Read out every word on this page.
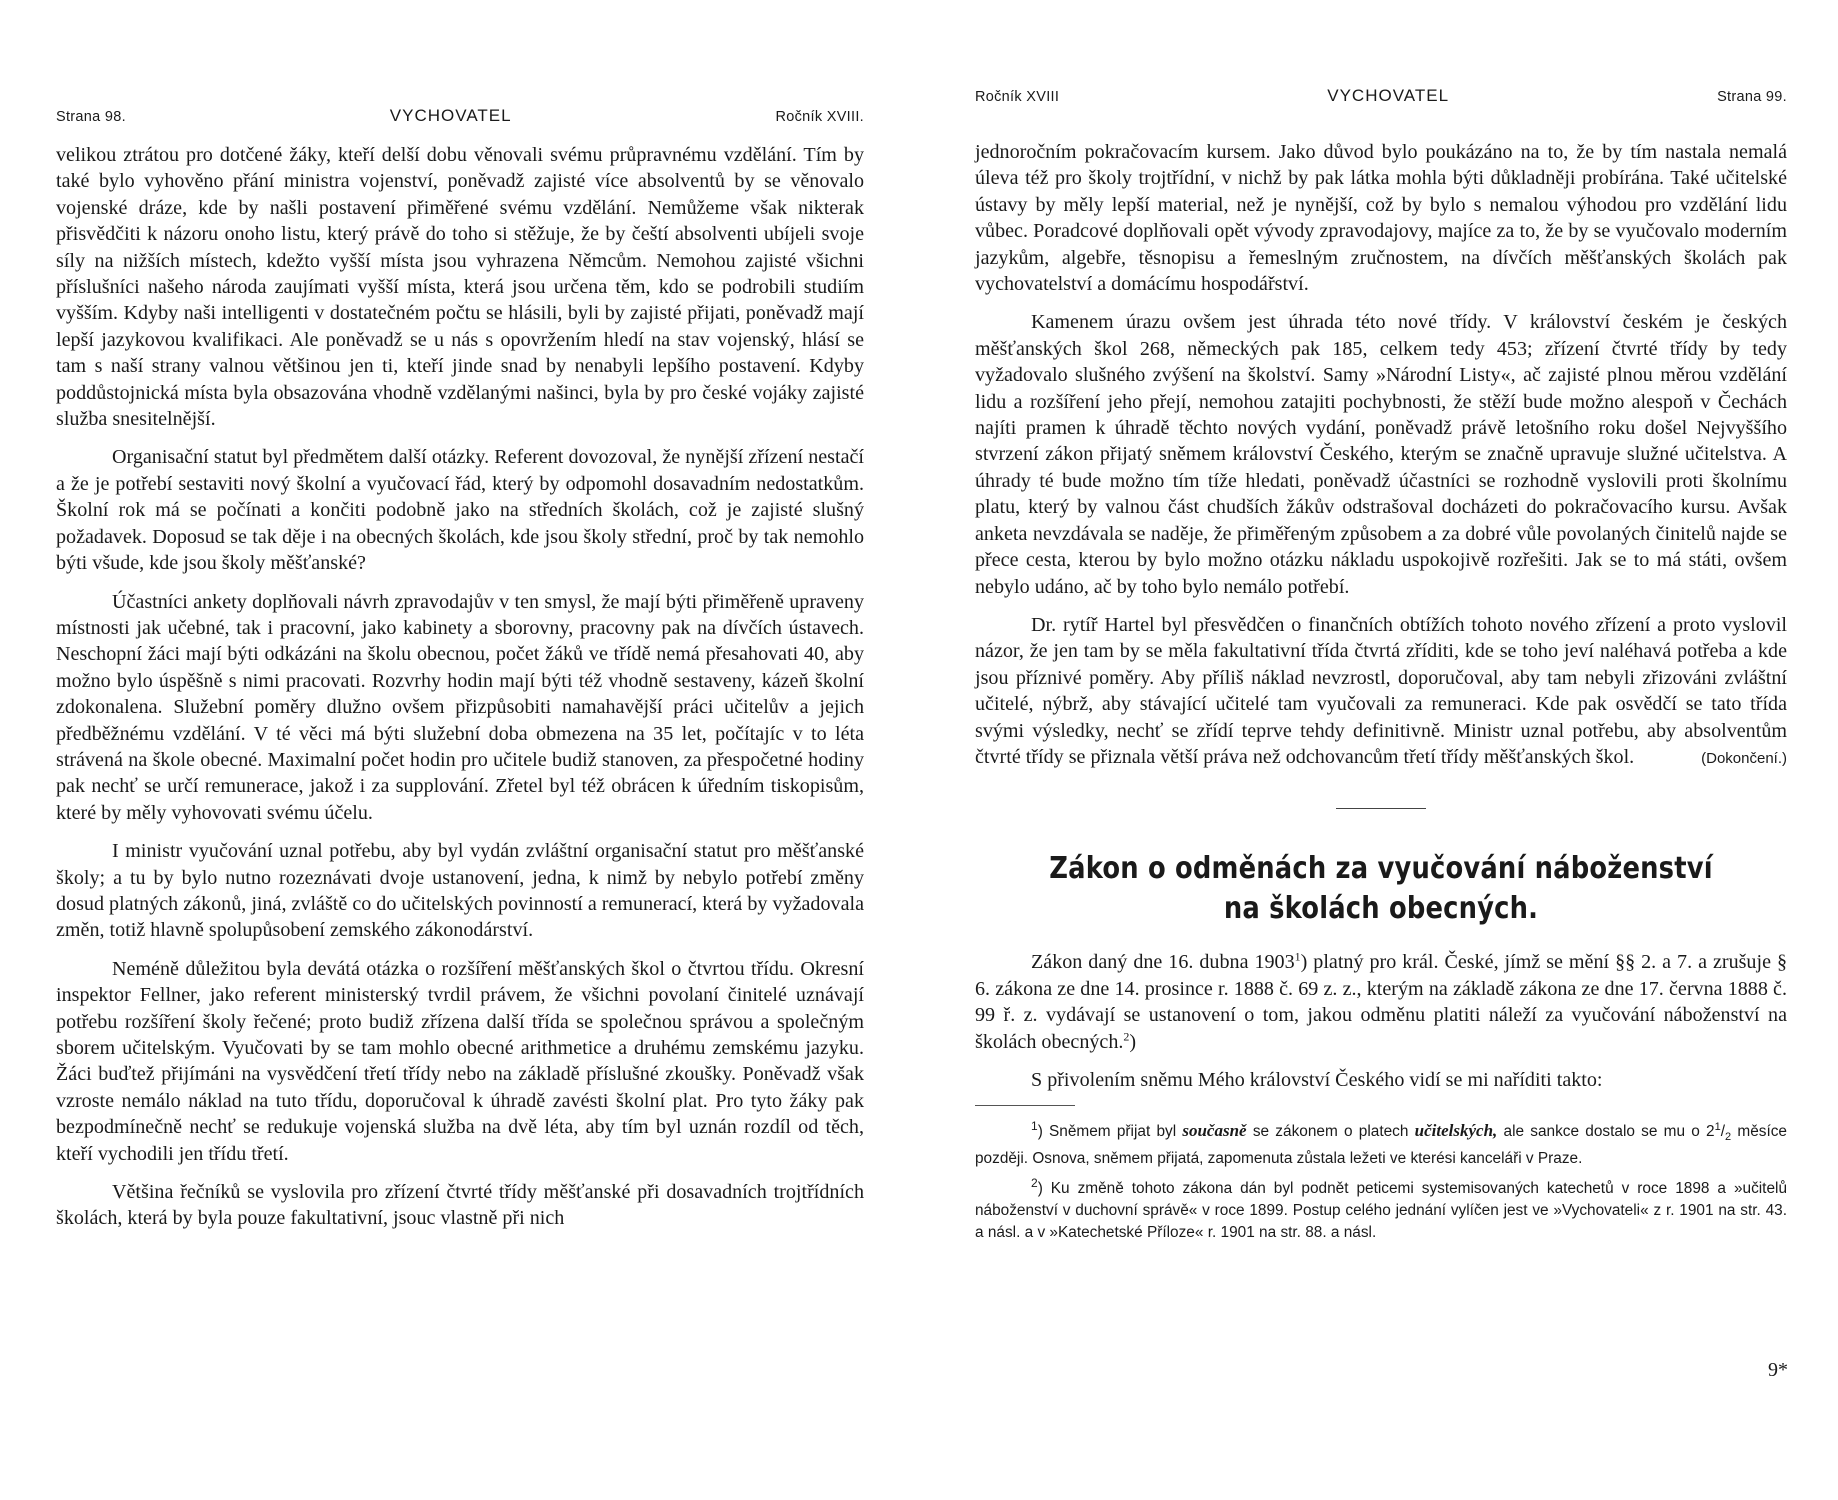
Strana 98.	VYCHOVATEL	Ročník XVIII.

velikou ztrátou pro dotčené žáky, kteří delší dobu věnovali svému průpravnému vzdělání. Tím by také bylo vyhověno přání ministra vojenství, poněvadž zajisté více absolventů by se věnovalo vojenské dráze, kde by našli postavení přiměřené svému vzdělání. Nemůžeme však nikterak přisvědčiti k názoru onoho listu, který právě do toho si stěžuje, že by čeští absolventi ubíjeli svoje síly na nižších místech, kdežto vyšší místa jsou vyhrazena Němcům. Nemohou zajisté všichni příslušníci našeho národa zaujímati vyšší místa, která jsou určena těm, kdo se podrobili studiím vyšším. Kdyby naši intelligenti v dostatečném počtu se hlásili, byli by zajisté přijati, poněvadž mají lepší jazykovou kvalifikaci. Ale poněvadž se u nás s opovržením hledí na stav vojenský, hlásí se tam s naší strany valnou většinou jen ti, kteří jinde snad by nenabyli lepšího postavení. Kdyby poddůstojnická místa byla obsazována vhodně vzdělanými našinci, byla by pro české vojáky zajisté služba snesitelnější.

Organisační statut byl předmětem další otázky. Referent dovozoval, že nynější zřízení nestačí a že je potřebí sestaviti nový školní a vyučovací řád, který by odpomohl dosavadním nedostatkům. Školní rok má se počínati a končiti podobně jako na středních školách, což je zajisté slušný požadavek. Doposud se tak děje i na obecných školách, kde jsou školy střední, proč by tak nemohlo býti všude, kde jsou školy měšťanské?

Účastníci ankety doplňovali návrh zpravodajův v ten smysl, že mají býti přiměřeně upraveny místnosti jak učebné, tak i pracovní, jako kabinety a sborovny, pracovny pak na dívčích ústavech. Neschopní žáci mají býti odkázáni na školu obecnou, počet žáků ve třídě nemá přesahovati 40, aby možno bylo úspěšně s nimi pracovati. Rozvrhy hodin mají býti též vhodně sestaveny, kázeň školní zdokonalena. Služební poměry dlužno ovšem přizpůsobiti namahavější práci učitelův a jejich předběžnému vzdělání. V té věci má býti služební doba obmezena na 35 let, počítajíc v to léta strávená na škole obecné. Maximalní počet hodin pro učitele budiž stanoven, za přespočetné hodiny pak nechť se určí remunerace, jakož i za supplování. Zřetel byl též obrácen k úředním tiskopisům, které by měly vyhovovati svému účelu.

I ministr vyučování uznal potřebu, aby byl vydán zvláštní organisační statut pro měšťanské školy; a tu by bylo nutno rozeznávati dvoje ustanovení, jedna, k nimž by nebylo potřebí změny dosud platných zákonů, jiná, zvláště co do učitelských povinností a remunerací, která by vyžadovala změn, totiž hlavně spolupůsobení zemského zákonodárství.

Neméně důležitou byla devátá otázka o rozšíření měšťanských škol o čtvrtou třídu. Okresní inspektor Fellner, jako referent ministerský tvrdil právem, že všichni povolaní činitelé uznávají potřebu rozšíření školy řečené; proto budiž zřízena další třída se společnou správou a společným sborem učitelským. Vyučovati by se tam mohlo obecné arithmetice a druhému zemskému jazyku. Žáci buďtež přijímáni na vysvědčení třetí třídy nebo na základě příslušné zkoušky. Poněvadž však vzroste nemálo náklad na tuto třídu, doporučoval k úhradě zavésti školní plat. Pro tyto žáky pak bezpodmínečně nechť se redukuje vojenská služba na dvě léta, aby tím byl uznán rozdíl od těch, kteří vychodili jen třídu třetí.

Většina řečníků se vyslovila pro zřízení čtvrté třídy měšťanské při dosavadních trojtřídních školách, která by byla pouze fakultativní, jsouc vlastně při nich

Ročník XVIII	VYCHOVATEL	Strana 99.

jednoročním pokračovacím kursem. Jako důvod bylo poukázáno na to, že by tím nastala nemalá úleva též pro školy trojtřídní, v nichž by pak látka mohla býti důkladněji probírána. Také učitelské ústavy by měly lepší material, než je nynější, což by bylo s nemalou výhodou pro vzdělání lidu vůbec. Poradcové doplňovali opět vývody zpravodajovy, majíce za to, že by se vyučovalo moderním jazykům, algebře, těsnopisu a řemeslným zručnostem, na dívčích měšťanských školách pak vychovatelství a domácímu hospodářství.

Kamenem úrazu ovšem jest úhrada této nové třídy. V království českém je českých měšťanských škol 268, německých pak 185, celkem tedy 453; zřízení čtvrté třídy by tedy vyžadovalo slušného zvýšení na školství. Samy »Národní Listy«, ač zajisté plnou měrou vzdělání lidu a rozšíření jeho přejí, nemohou zatajiti pochybnosti, že stěží bude možno alespoň v Čechách najíti pramen k úhradě těchto nových vydání, poněvadž právě letošního roku došel Nejvyššího stvrzení zákon přijatý sněmem království Českého, kterým se značně upravuje služné učitelstva. A úhrady té bude možno tím tíže hledati, poněvadž účastníci se rozhodně vyslovili proti školnímu platu, který by valnou část chudších žákův odstrašoval docházeti do pokračovacího kursu. Avšak anketa nevzdávala se naděje, že přiměřeným způsobem a za dobré vůle povolaných činitelů najde se přece cesta, kterou by bylo možno otázku nákladu uspokojivě rozřešiti. Jak se to má státi, ovšem nebylo udáno, ač by toho bylo nemálo potřebí.

Dr. rytíř Hartel byl přesvědčen o finančních obtížích tohoto nového zřízení a proto vyslovil názor, že jen tam by se měla fakultativní třída čtvrtá zříditi, kde se toho jeví naléhavá potřeba a kde jsou příznivé poměry. Aby příliš náklad nevzrostl, doporučoval, aby tam nebyli zřizováni zvláštní učitelé, nýbrž, aby stávající učitelé tam vyučovali za remuneraci. Kde pak osvědčí se tato třída svými výsledky, nechť se zřídí teprve tehdy definitivně. Ministr uznal potřebu, aby absolventům čtvrté třídy se přiznala větší práva než odchovancům třetí třídy měšťanských škol.	(Dokončení.)

Zákon o odměnách za vyučování náboženství
na školách obecných.

Zákon daný dne 16. dubna 1903$^1$) platný pro král. České, jímž se mění §§ 2. a 7. a zrušuje § 6. zákona ze dne 14. prosince r. 1888 č. 69 z. z., kterým na základě zákona ze dne 17. června 1888 č. 99 ř. z. vydávají se ustanovení o tom, jakou odměnu platiti náleží za vyučování náboženství na školách obecných.$^2$)

S přivolením sněmu Mého království Českého vidí se mi naříditi takto:

$^1$) Sněmem přijat byl současně se zákonem o platech učitelských, ale sankce dostalo se mu o $2^1/_2$ měsíce později. Osnova, sněmem přijatá, zapomenuta zůstala ležeti ve kterési kanceláři v Praze.

$^2$) Ku změně tohoto zákona dán byl podnět peticemi systemisovaných katechetů v roce 1898 a »učitelů náboženství v duchovní správě« v roce 1899. Postup celého jednání vylíčen jest ve »Vychovateli« z r. 1901 na str. 43. a násl. a v »Katechetské Příloze« r. 1901 na str. 88. a násl.

9*
